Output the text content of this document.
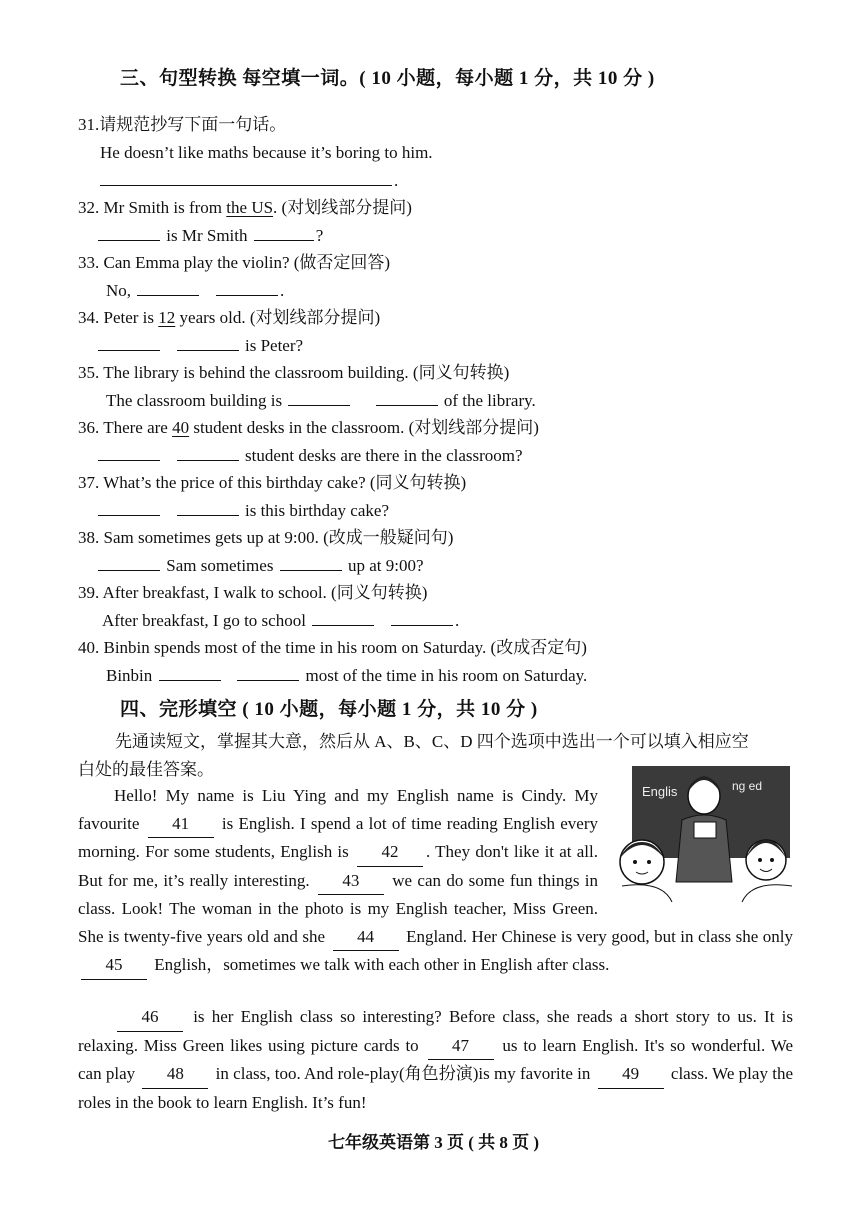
三、句型转换 每空填一词。( 10 小题，每小题 1 分，共 10 分 )
31.请规范抄写下面一句话。
He doesn’t like maths because it’s boring to him.
.
32. Mr Smith is from the US. (对划线部分提问)
is Mr Smith	?
33. Can Emma play the violin? (做否定回答)
No,	.
34. Peter is 12 years old. (对划线部分提问)
is Peter?
35. The library is behind the classroom building. (同义句转换)
The classroom building is	of the library.
36. There are 40 student desks in the classroom. (对划线部分提问)
student desks are there in the classroom?
37. What’s the price of this birthday cake? (同义句转换)
is this birthday cake?
38. Sam sometimes gets up at 9:00. (改成一般疑问句)
Sam sometimes	up at 9:00?
39. After breakfast, I walk to school. (同义句转换)
After breakfast, I go to school	.
40. Binbin spends most of the time in his room on Saturday. (改成否定句)
Binbin	most of the time in his room on Saturday.
四、完形填空 ( 10 小题，每小题 1 分，共 10 分 )
先通读短文，掌握其大意，然后从 A、B、C、D 四个选项中选出一个可以填入相应空
白处的最佳答案。
Englis	ng ed
Hello! My name is Liu Ying and my English name is Cindy. My favourite 41 is English. I spend a lot of time reading English every morning. For some students, English is 42 . They don't like it at all. But for me, it’s really interesting. 43 we can do some fun things in class. Look! The woman in the photo is my English teacher, Miss Green. She is twenty-five years old and she 44 England. Her Chinese is very good, but in class she only 45 English，sometimes we talk with each other in English after class.
46 is her English class so interesting? Before class, she reads a short story to us. It is relaxing. Miss Green likes using picture cards to 47 us to learn English. It's so wonderful. We can play 48 in class, too. And role-play(角色扮演)is my favorite in 49 class. We play the roles in the book to learn English. It’s fun!
七年级英语第 3 页 ( 共 8 页 )
